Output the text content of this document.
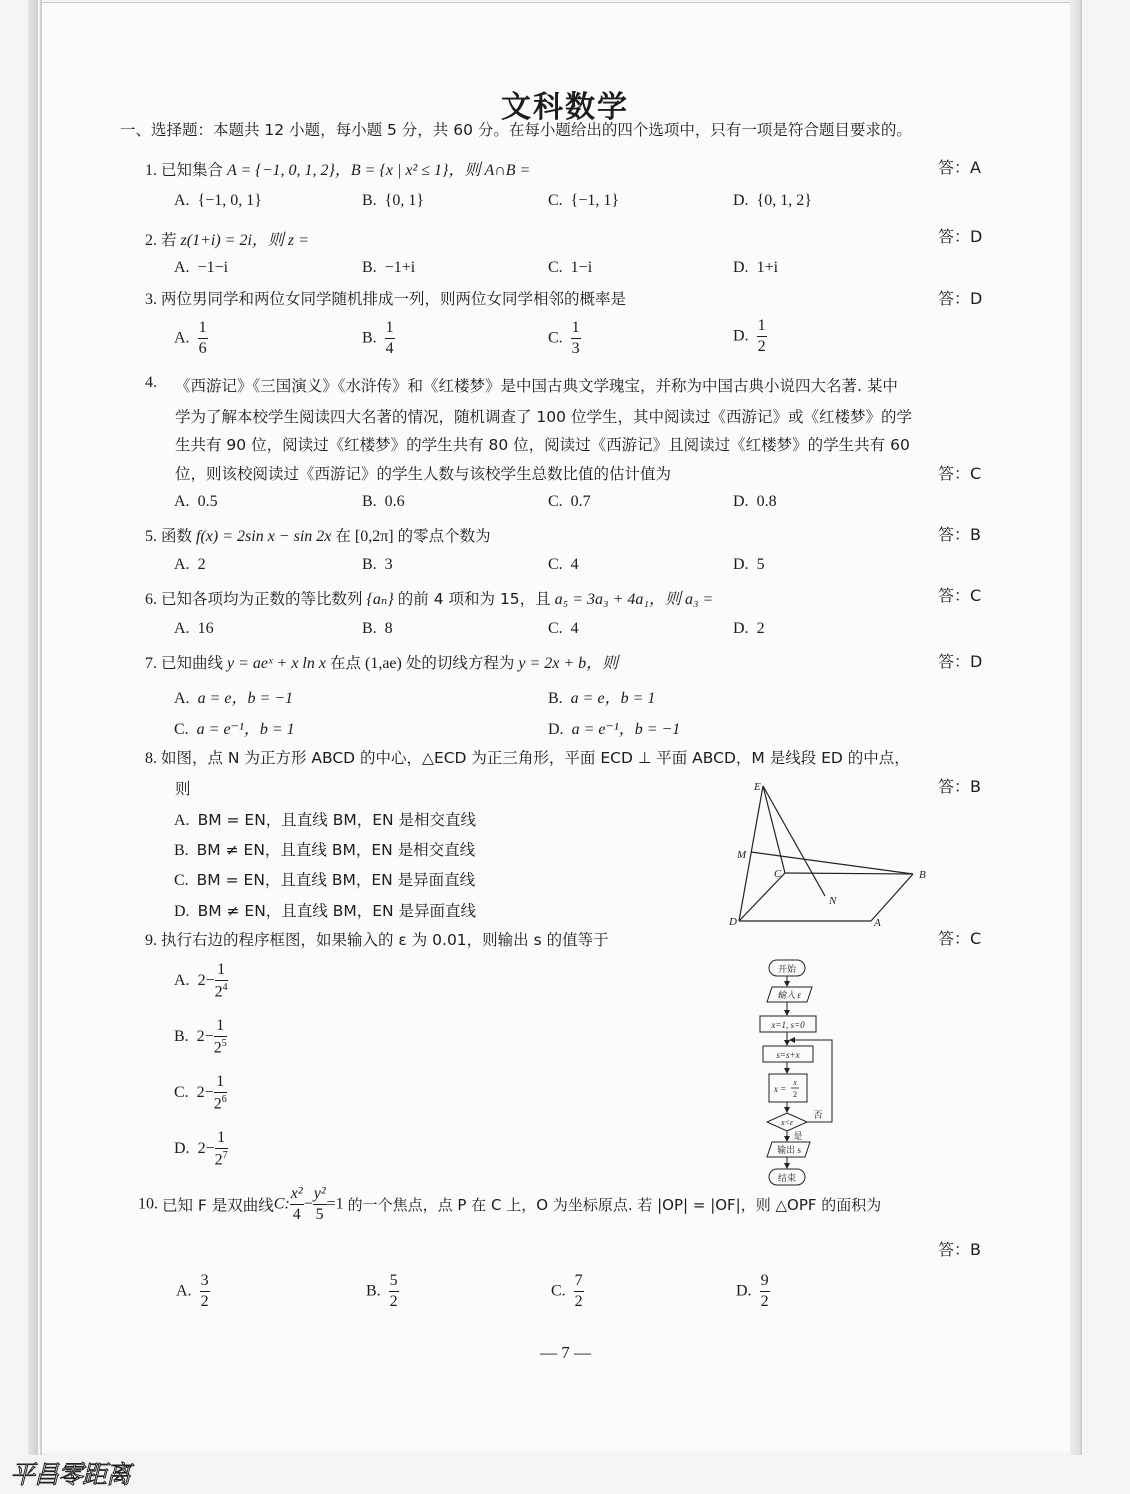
文科数学
一、选择题：本题共 12 小题，每小题 5 分，共 60 分。在每小题给出的四个选项中，只有一项是符合题目要求的。
1. 已知集合 A = {−1, 0, 1, 2}，B = {x | x² ≤ 1}，则 A∩B =	答：A
A. {−1, 0, 1}	B. {0, 1}	C. {−1, 1}	D. {0, 1, 2}
2. 若 z(1+i) = 2i，则 z =	答：D
A. −1−i	B. −1+i	C. 1−i	D. 1+i
3. 两位男同学和两位女同学随机排成一列，则两位女同学相邻的概率是	答：D
A. $\frac{1}{6}$	B. $\frac{1}{4}$	C. $\frac{1}{3}$	D. $\frac{1}{2}$
4. 《西游记》《三国演义》《水浒传》和《红楼梦》是中国古典文学瑰宝，并称为中国古典小说四大名著. 某中
学为了解本校学生阅读四大名著的情况，随机调查了 100 位学生，其中阅读过《西游记》或《红楼梦》的学
生共有 90 位，阅读过《红楼梦》的学生共有 80 位，阅读过《西游记》且阅读过《红楼梦》的学生共有 60
位，则该校阅读过《西游记》的学生人数与该校学生总数比值的估计值为	答：C
A. 0.5	B. 0.6	C. 0.7	D. 0.8
5. 函数 f(x) = 2sin x − sin 2x 在 [0,2π] 的零点个数为	答：B
A. 2	B. 3	C. 4	D. 5
6. 已知各项均为正数的等比数列 {aₙ} 的前 4 项和为 15，且 a₅ = 3a₃ + 4a₁，则 a₃ =	答：C
A. 16	B. 8	C. 4	D. 2
7. 已知曲线 y = aeˣ + x ln x 在点 (1,ae) 处的切线方程为 y = 2x + b，则	答：D
A. a = e，b = −1	B. a = e，b = 1
C. a = e⁻¹，b = 1	D. a = e⁻¹，b = −1
8. 如图，点 N 为正方形 ABCD 的中心，△ECD 为正三角形，平面 ECD ⊥ 平面 ABCD，M 是线段 ED 的中点，
则	答：B
A. BM = EN，且直线 BM，EN 是相交直线
B. BM ≠ EN，且直线 BM，EN 是相交直线
C. BM = EN，且直线 BM，EN 是异面直线
D. BM ≠ EN，且直线 BM，EN 是异面直线
E
M
C	B
N
D	A
9. 执行右边的程序框图，如果输入的 ε 为 0.01，则输出 s 的值等于	答：C
A. $2- \frac{1}{2^4}$
B. $2- \frac{1}{2^5}$
C. $2- \frac{1}{2^6}$
D. $2- \frac{1}{2^7}$
开始
输入 ε
x=1, s=0
s=s+x
x =
x
2
x<ε
否
是
输出 s
结束
10. 已知 F 是双曲线C: $\frac{\text{x²}}{4} - \frac{\text{y²}}{5} =1$ 的一个焦点，点 P 在 C 上，O 为坐标原点. 若 |OP| = |OF|，则 △OPF 的面积为
答：B
A. $\frac{3}{2}$	B. $\frac{5}{2}$	C. $\frac{7}{2}$	D. $\frac{9}{2}$
— 7 —
平昌零距离
